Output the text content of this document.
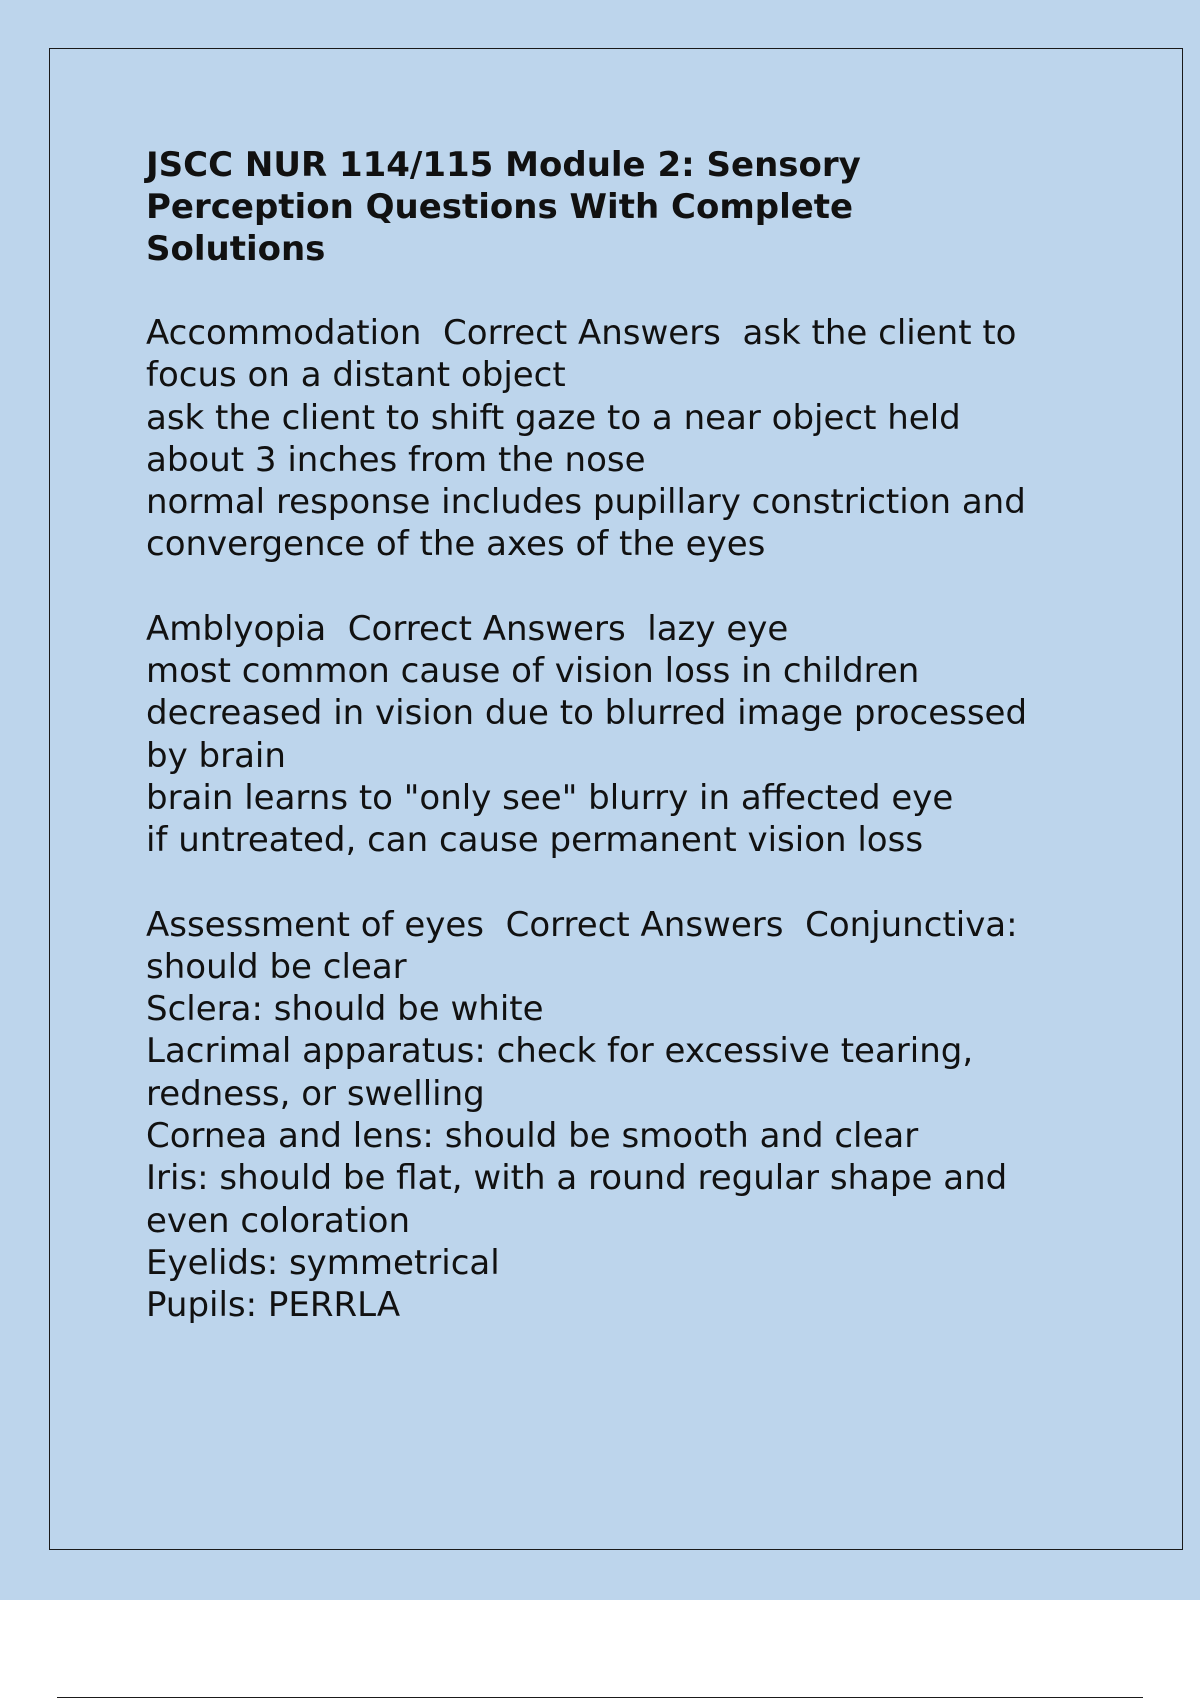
JSCC NUR 114/115 Module 2: Sensory
Perception Questions With Complete
Solutions

Accommodation  Correct Answers  ask the client to

focus on a distant object

ask the client to shift gaze to a near object held

about 3 inches from the nose

normal response includes pupillary constriction and

convergence of the axes of the eyes

Amblyopia  Correct Answers  lazy eye

most common cause of vision loss in children

decreased in vision due to blurred image processed

by brain

brain learns to "only see" blurry in affected eye

if untreated, can cause permanent vision loss

Assessment of eyes  Correct Answers  Conjunctiva:

should be clear

Sclera: should be white

Lacrimal apparatus: check for excessive tearing,

redness, or swelling

Cornea and lens: should be smooth and clear

Iris: should be flat, with a round regular shape and

even coloration

Eyelids: symmetrical

Pupils: PERRLA
